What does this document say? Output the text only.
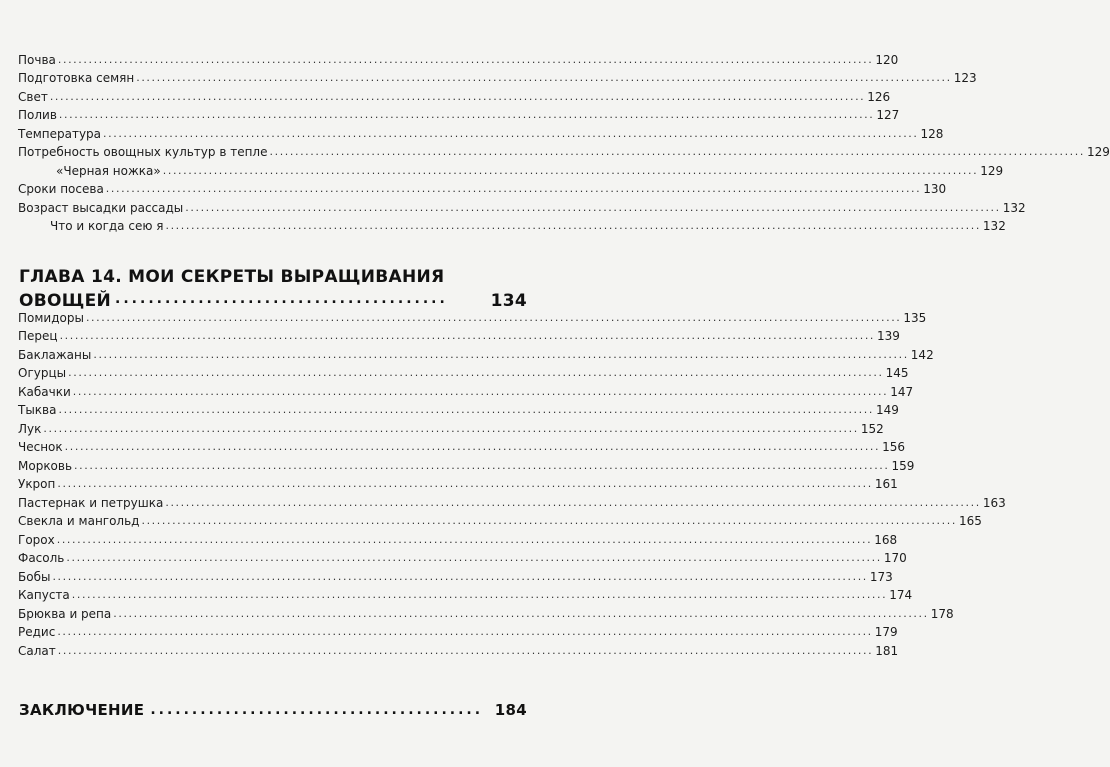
Почва ................................................................................................................................................................ 120
Подготовка семян ................................................................................................................................................................ 123
Свет ................................................................................................................................................................ 126
Полив ................................................................................................................................................................ 127
Температура ................................................................................................................................................................ 128
Потребность овощных культур в тепле ................................................................................................................................................................ 129
«Черная ножка» ................................................................................................................................................................ 129
Сроки посева ................................................................................................................................................................ 130
Возраст высадки рассады ................................................................................................................................................................ 132
Что и когда сею я ................................................................................................................................................................ 132
ГЛАВА 14. МОИ СЕКРЕТЫ ВЫРАЩИВАНИЯ
ОВОЩЕЙ ........................................	134
Помидоры ................................................................................................................................................................ 135
Перец ................................................................................................................................................................ 139
Баклажаны ................................................................................................................................................................ 142
Огурцы ................................................................................................................................................................ 145
Кабачки ................................................................................................................................................................ 147
Тыква ................................................................................................................................................................ 149
Лук ................................................................................................................................................................ 152
Чеснок ................................................................................................................................................................ 156
Морковь ................................................................................................................................................................ 159
Укроп ................................................................................................................................................................ 161
Пастернак и петрушка ................................................................................................................................................................ 163
Свекла и мангольд ................................................................................................................................................................ 165
Горох ................................................................................................................................................................ 168
Фасоль ................................................................................................................................................................ 170
Бобы ................................................................................................................................................................ 173
Капуста ................................................................................................................................................................ 174
Брюква и репа ................................................................................................................................................................ 178
Редис ................................................................................................................................................................ 179
Салат ................................................................................................................................................................ 181
ЗАКЛЮЧЕНИЕ ........................................ 184
